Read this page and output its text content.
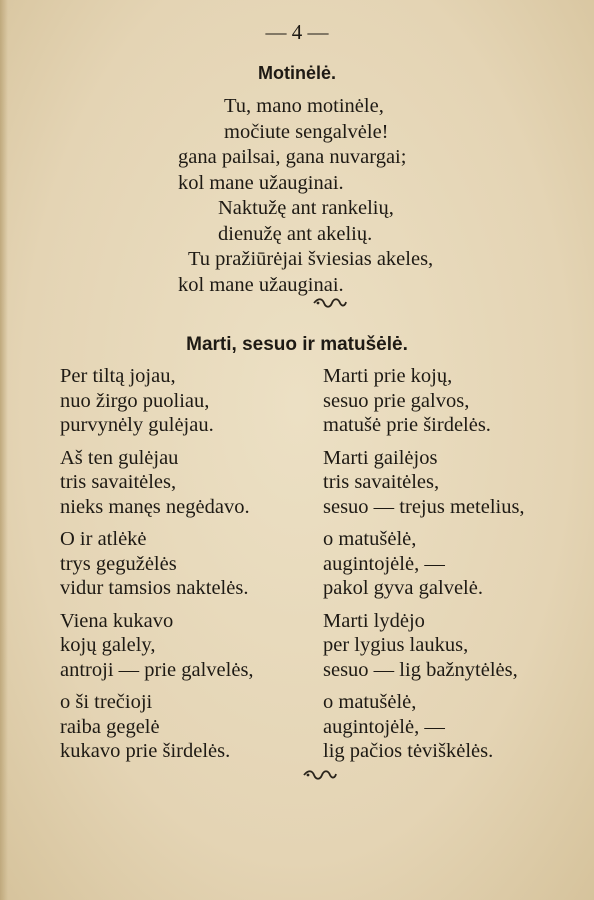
— 4 —
Motinėlė.
Tu, mano motinėle,
močiute sengalvėle!
gana pailsai, gana nuvargai;
kol mane užauginai.
Naktužę ant rankelių,
dienužę ant akelių.
Tu pražiūrėjai šviesias akeles,
kol mane užauginai.
Marti, sesuo ir matušėlė.
Per tiltą jojau,
nuo žirgo puoliau,
purvynėly gulėjau.
Aš ten gulėjau
tris savaitėles,
nieks manęs negėdavo.
O ir atlėkė
trys gegužėlės
vidur tamsios naktelės.
Viena kukavo
kojų galely,
antroji — prie galvelės,
o ši trečioji
raiba gegelė
kukavo prie širdelės.
Marti prie kojų,
sesuo prie galvos,
matušė prie širdelės.
Marti gailėjos
tris savaitėles,
sesuo — trejus metelius,
o matušėlė,
augintojėlė, —
pakol gyva galvelė.
Marti lydėjo
per lygius laukus,
sesuo — lig bažnytėlės,
o matušėlė,
augintojėlė, —
lig pačios tėviškėlės.
